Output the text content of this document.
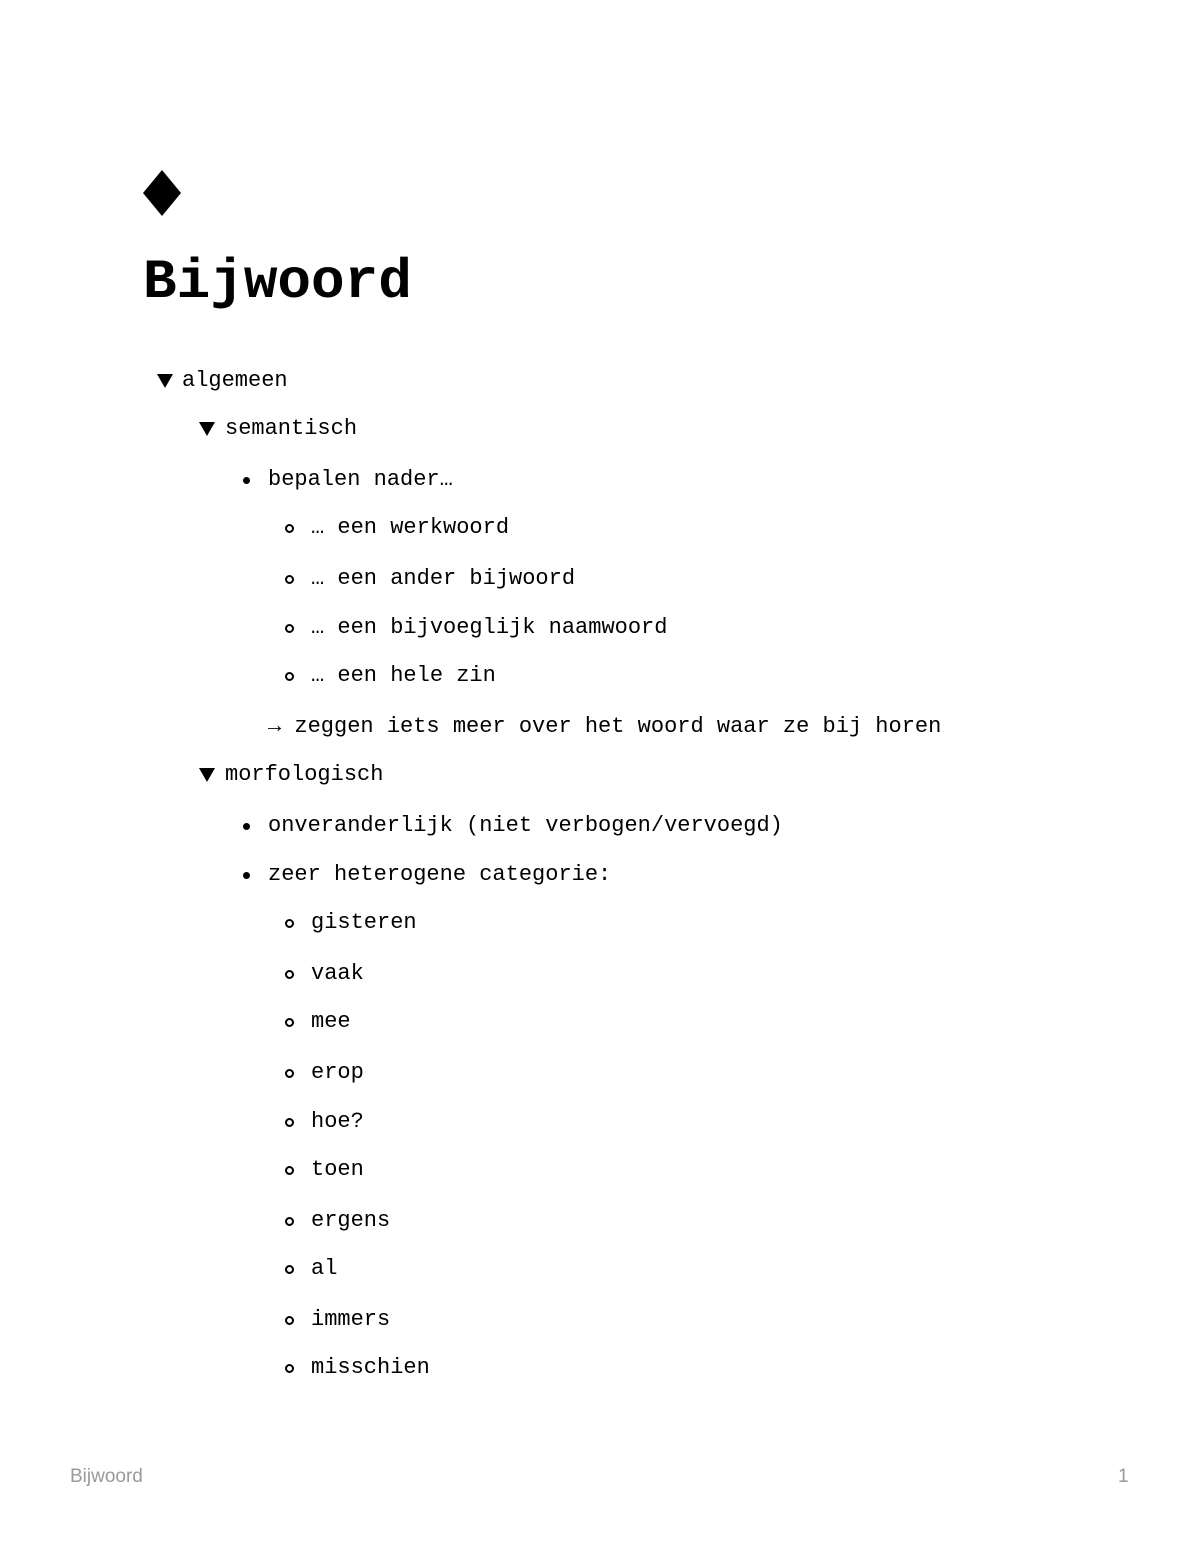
Bijwoord
algemeen
semantisch
bepalen nader…
… een werkwoord
… een ander bijwoord
… een bijvoeglijk naamwoord
… een hele zin
→ zeggen iets meer over het woord waar ze bij horen
morfologisch
onveranderlijk (niet verbogen/vervoegd)
zeer heterogene categorie:
gisteren
vaak
mee
erop
hoe?
toen
ergens
al
immers
misschien
Bijwoord	1
